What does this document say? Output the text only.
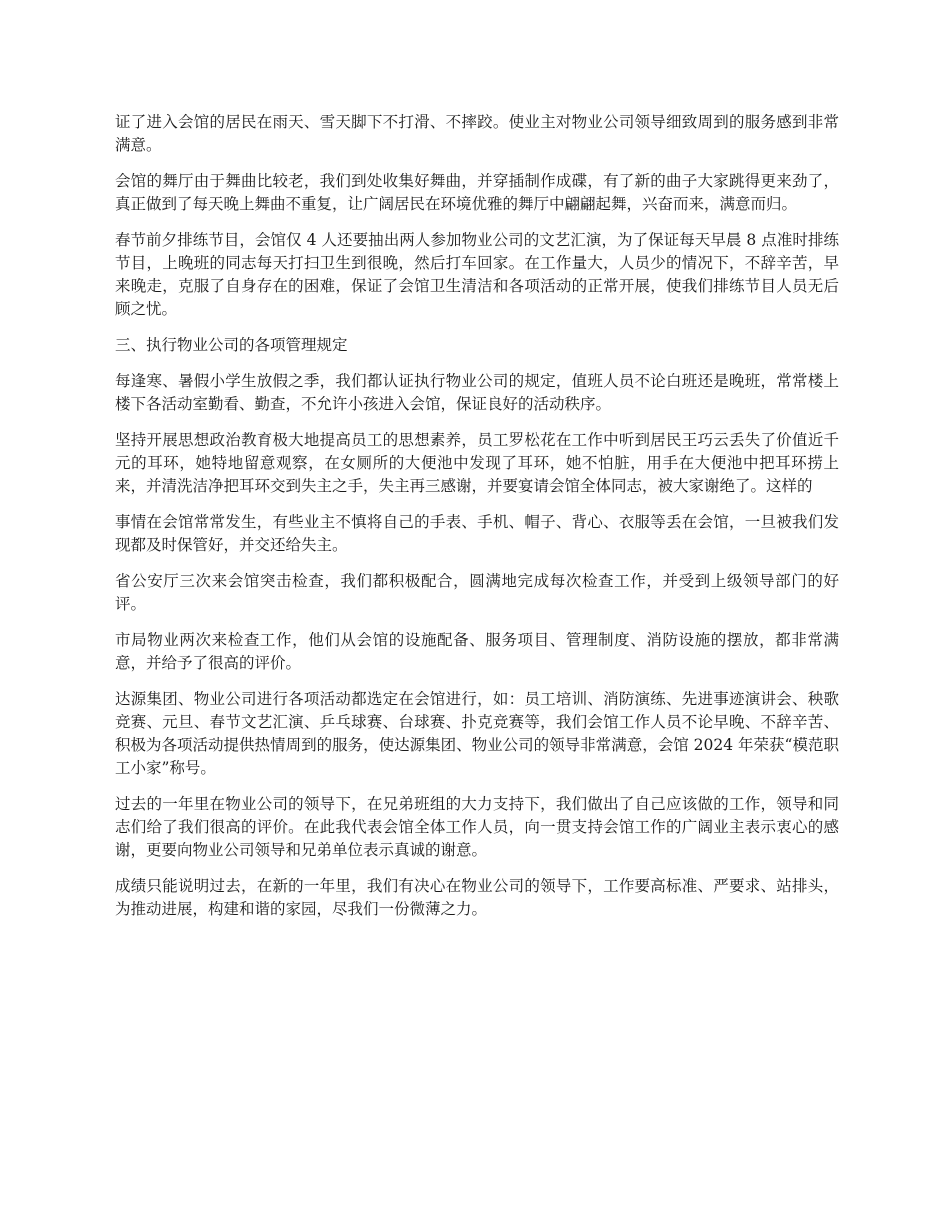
证了进入会馆的居民在雨天、雪天脚下不打滑、不摔跤。使业主对物业公司领导细致周到的服务感到非常满意。

会馆的舞厅由于舞曲比较老，我们到处收集好舞曲，并穿插制作成碟，有了新的曲子大家跳得更来劲了，真正做到了每天晚上舞曲不重复，让广阔居民在环境优雅的舞厅中翩翩起舞，兴奋而来，满意而归。

春节前夕排练节目，会馆仅 4 人还要抽出两人参加物业公司的文艺汇演，为了保证每天早晨 8 点准时排练节目，上晚班的同志每天打扫卫生到很晚，然后打车回家。在工作量大，人员少的情况下，不辞辛苦，早来晚走，克服了自身存在的困难，保证了会馆卫生清洁和各项活动的正常开展，使我们排练节目人员无后顾之忧。

三、执行物业公司的各项管理规定

每逢寒、暑假小学生放假之季，我们都认证执行物业公司的规定，值班人员不论白班还是晚班，常常楼上楼下各活动室勤看、勤查，不允许小孩进入会馆，保证良好的活动秩序。

坚持开展思想政治教育极大地提高员工的思想素养，员工罗松花在工作中听到居民王巧云丢失了价值近千元的耳环，她特地留意观察，在女厕所的大便池中发现了耳环，她不怕脏，用手在大便池中把耳环捞上来，并清洗洁净把耳环交到失主之手，失主再三感谢，并要宴请会馆全体同志，被大家谢绝了。这样的

事情在会馆常常发生，有些业主不慎将自己的手表、手机、帽子、背心、衣服等丢在会馆，一旦被我们发现都及时保管好，并交还给失主。

省公安厅三次来会馆突击检查，我们都积极配合，圆满地完成每次检查工作，并受到上级领导部门的好评。

市局物业两次来检查工作，他们从会馆的设施配备、服务项目、管理制度、消防设施的摆放，都非常满意，并给予了很高的评价。

达源集团、物业公司进行各项活动都选定在会馆进行，如：员工培训、消防演练、先进事迹演讲会、秧歌竞赛、元旦、春节文艺汇演、乒乓球赛、台球赛、扑克竞赛等，我们会馆工作人员不论早晚、不辞辛苦、积极为各项活动提供热情周到的服务，使达源集团、物业公司的领导非常满意，会馆 2024 年荣获“模范职工小家”称号。

过去的一年里在物业公司的领导下，在兄弟班组的大力支持下，我们做出了自己应该做的工作，领导和同志们给了我们很高的评价。在此我代表会馆全体工作人员，向一贯支持会馆工作的广阔业主表示衷心的感谢，更要向物业公司领导和兄弟单位表示真诚的谢意。

成绩只能说明过去，在新的一年里，我们有决心在物业公司的领导下，工作要高标准、严要求、站排头，为推动进展，构建和谐的家园，尽我们一份微薄之力。
